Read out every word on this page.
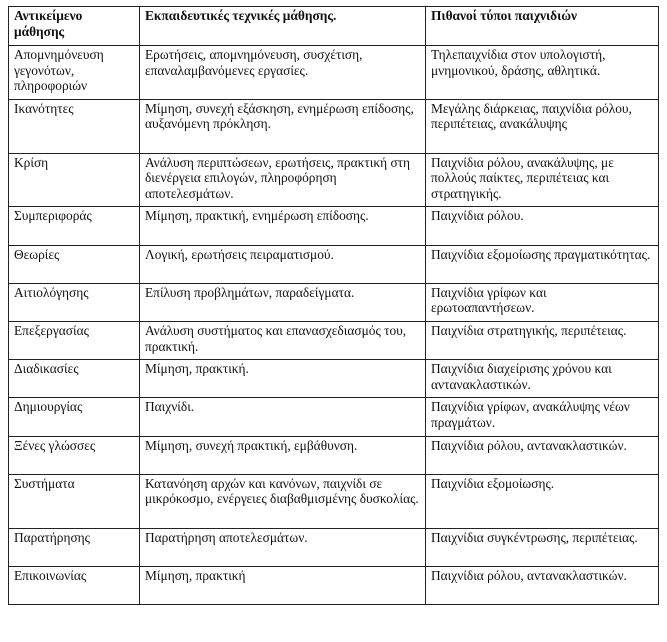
Αντικείμενο μάθησης	Εκπαιδευτικές τεχνικές μάθησης.	Πιθανοί τύποι παιχνιδιών

Απομνημόνευση γεγονότων, πληροφοριών	Ερωτήσεις, απομνημόνευση, συσχέτιση, επαναλαμβανόμενες εργασίες.	Τηλεπαιχνίδια στον υπολογιστή, μνημονικού, δράσης, αθλητικά.

Ικανότητες	Μίμηση, συνεχή εξάσκηση, ενημέρωση επίδοσης, αυξανόμενη πρόκληση.	Μεγάλης διάρκειας, παιχνίδια ρόλου, περιπέτειας, ανακάλυψης

Κρίση	Ανάλυση περιπτώσεων, ερωτήσεις, πρακτική στη διενέργεια επιλογών, πληροφόρηση αποτελεσμάτων.	Παιχνίδια ρόλου, ανακάλυψης, με πολλούς παίκτες, περιπέτειας και στρατηγικής.

Συμπεριφοράς	Μίμηση, πρακτική, ενημέρωση επίδοσης.	Παιχνίδια ρόλου.

Θεωρίες	Λογική, ερωτήσεις πειραματισμού.	Παιχνίδια εξομοίωσης πραγματικότητας.

Αιτιολόγησης	Επίλυση προβλημάτων, παραδείγματα.	Παιχνίδια γρίφων και ερωτοαπαντήσεων.

Επεξεργασίας	Ανάλυση συστήματος και επανασχεδιασμός του, πρακτική.	Παιχνίδια στρατηγικής, περιπέτειας.

Διαδικασίες	Μίμηση, πρακτική.	Παιχνίδια διαχείρισης χρόνου και αντανακλαστικών.

Δημιουργίας	Παιχνίδι.	Παιχνίδια γρίφων, ανακάλυψης νέων πραγμάτων.

Ξένες γλώσσες	Μίμηση, συνεχή πρακτική, εμβάθυνση.	Παιχνίδια ρόλου, αντανακλαστικών.

Συστήματα	Κατανόηση αρχών και κανόνων, παιχνίδι σε μικρόκοσμο, ενέργειες διαβαθμισμένης δυσκολίας.	Παιχνίδια εξομοίωσης.

Παρατήρησης	Παρατήρηση αποτελεσμάτων.	Παιχνίδια συγκέντρωσης, περιπέτειας.

Επικοινωνίας	Μίμηση, πρακτική	Παιχνίδια ρόλου, αντανακλαστικών.
